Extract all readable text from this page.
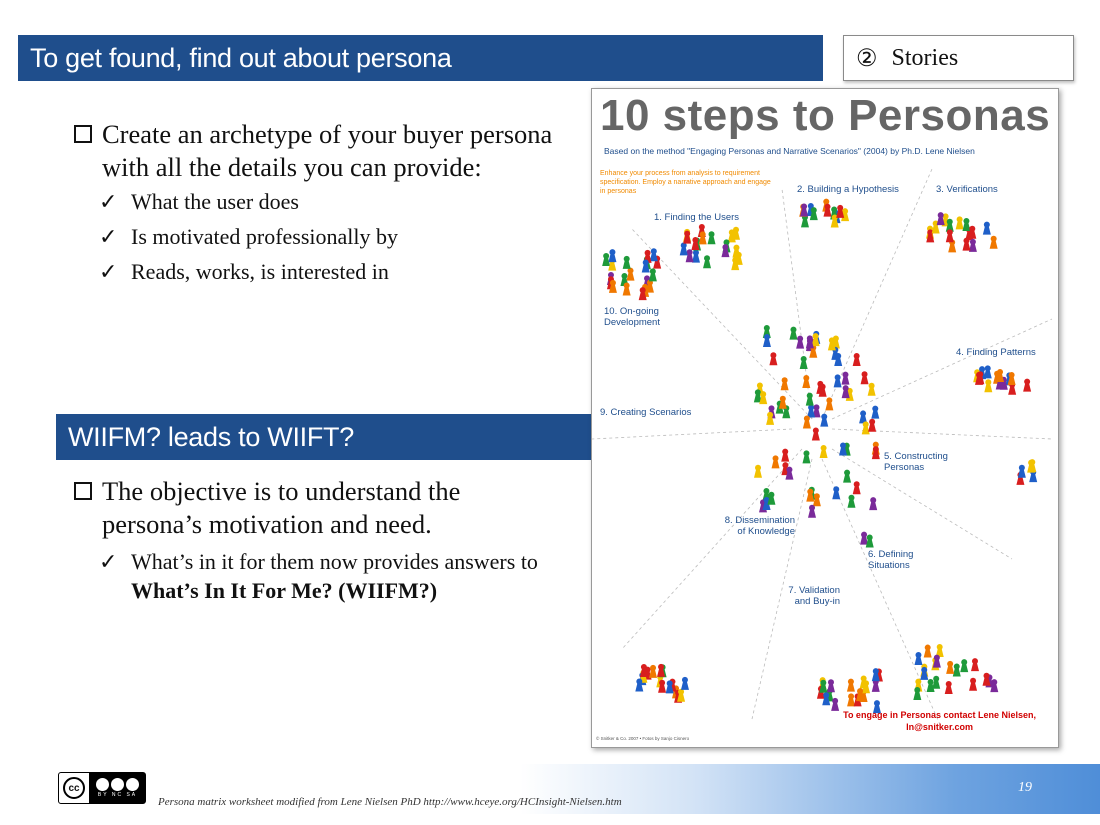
To get found, find out about persona	② Stories
Create an archetype of your buyer persona with all the details you can provide:
✓ What the user does
✓ Is motivated professionally by
✓ Reads, works, is interested in
WIIFM? leads to WIIFT?
The objective is to understand the persona’s motivation and need.
✓ What’s in it for them now provides answers to What’s In It For Me? (WIIFM?)
10 steps to Personas
Based on the method "Engaging Personas and Narrative Scenarios" (2004) by Ph.D. Lene Nielsen
Enhance your process from analysis to requirement specification. Employ a narrative approach and engage in personas
1. Finding the Users
2. Building a Hypothesis	3. Verifications
4. Finding Patterns
5. Constructing Personas
6. Defining Situations
7. Validation and Buy-in
8. Dissemination of Knowledge
9. Creating Scenarios
10. On-going Development
To engage in Personas contact Lene Nielsen,
ln@snitker.com
© Snitker & Co. 2007 • Fotos by Sanjo Cisnero
19
Persona matrix worksheet modified from Lene Nielsen PhD http://www.hceye.org/HCInsight-Nielsen.htm
cc
BY NC SA
